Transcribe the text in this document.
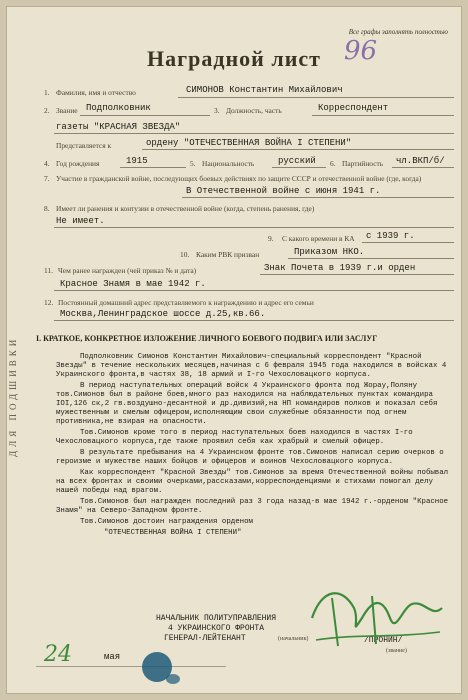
Все графы заполнять полностью
Наградной лист 96
ДЛЯ ПОДШИВКИ
1. Фамилия, имя и отчество	СИМОНОВ Константин Михайлович
2. Звание Подполковник	3. Должность, часть	Корреспондент
газеты "КРАСНАЯ ЗВЕЗДА"
Представляется к	ордену "ОТЕЧЕСТВЕННАЯ ВОЙНА I СТЕПЕНИ"
4. Год рождения	1915	5. Национальность	русский 6. Партийность чл.ВКП/б/
7. Участие в гражданской войне, последующих боевых действиях по защите СССР и отечественной войне (где, когда)
В Отечественной войне с июня 1941 г.
8. Имеет ли ранения и контузии в отечественной войне (когда, степень ранения, где)
Не имеет.
9. С какого времени в КА с 1939 г.
10. Каким РВК призван	Приказом НКО.
11. Чем ранее награжден (чей приказ № и дата)	Знак Почета в 1939 г.и орден
Красное Знамя в мае 1942 г.
12. Постоянный домашний адрес представляемого к награждению и адрес его семьи
Москва,Ленинградское шоссе д.25,кв.66.
I. КРАТКОЕ, КОНКРЕТНОЕ ИЗЛОЖЕНИЕ ЛИЧНОГО БОЕВОГО ПОДВИГА ИЛИ ЗАСЛУГ

Подполковник Симонов Константин Михайлович-специальный корреспондент "Красной Звезды" в течение нескольких месяцев,начиная с 6 февраля 1945 года находился в войсках 4 Украинского фронта,в частях 38, 18 армий и I-го Чехословацкого корпуса.

В период наступательных операций войск 4 Украинского фронта под Жорау,Поляну тов.Симонов был в районе боев,много раз находился на наблюдательных пунктах командира IOI,126 ск,2 гв.воздушно-десантной и др.дивизий,на НП командиров полков и показал себя мужественным и смелым офицером,исполняющим свои служебные обязанности под огнем противника,не взирая на опасности.

Тов.Симонов кроме того в период наступательных боев находился в частях I-го Чехословацкого корпуса,где также проявил себя как храбрый и смелый офицер.

В результате пребывания на 4 Украинском фронте тов.Симонов написал серию очерков о героизме и мужестве наших бойцов и офицеров и воинов Чехословацкого корпуса.

Как корреспондент "Красной Звезды" тов.Симонов за время Отечественной войны побывал на всех фронтах и своими очерками,рассказами,корреспонденциями и стихами помогал делу нашей победы над врагом.

Тов.Симонов был награжден последний раз 3 года назад-в мае 1942 г.-орденом "Красное Знамя" на Северо-Западном фронте.

Тов.Симонов достоин награждения орденом

"ОТЕЧЕСТВЕННАЯ ВОЙНА I СТЕПЕНИ"

НАЧАЛЬНИК ПОЛИТУПРАВЛЕНИЯ
4 УКРАИНСКОГО ФРОНТА
ГЕНЕРАЛ-ЛЕЙТЕНАНТ	(начальник)	/ПРОНИН/
(звание)
24	мая
